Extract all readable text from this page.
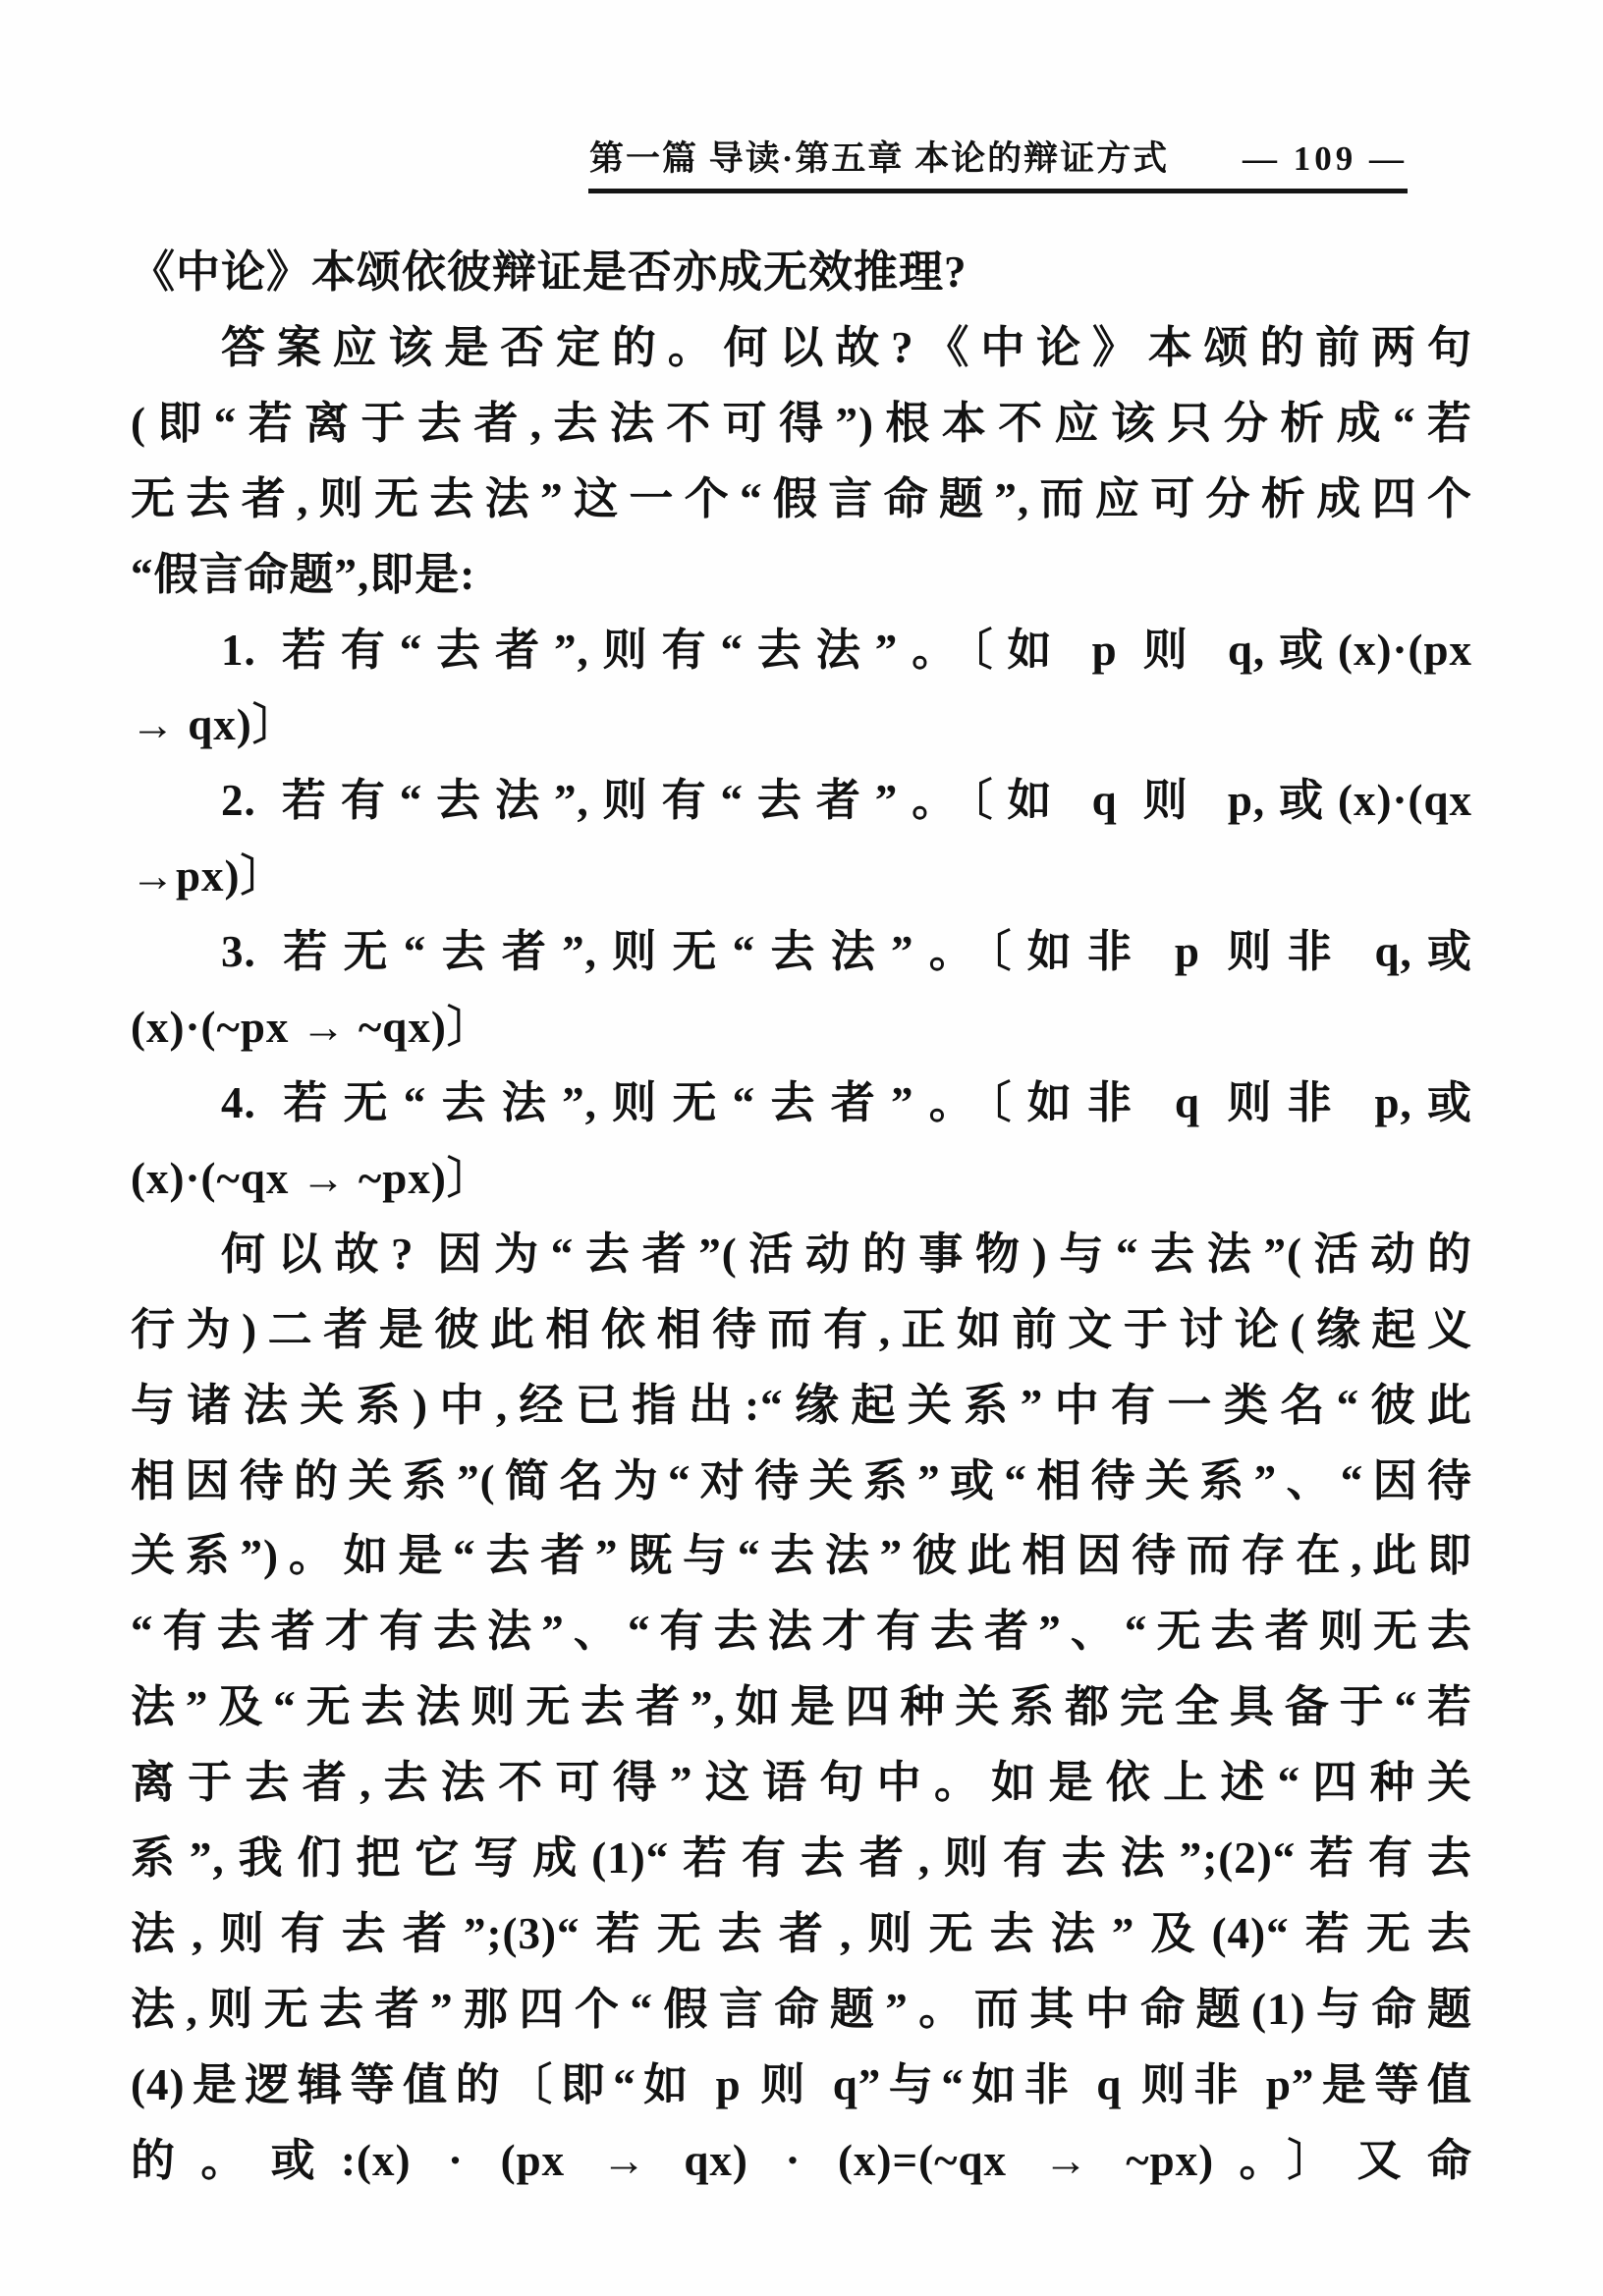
第一篇 导读·第五章 本论的辩证方式 — 109 —
《中论》本颂依彼辩证是否亦成无效推理?
答案应该是否定的。何以故?《中论》本颂的前两句
(即“若离于去者,去法不可得”)根本不应该只分析成“若
无去者,则无去法”这一个“假言命题”,而应可分析成四个
“假言命题”,即是:
1. 若有“去者”,则有“去法”。〔如 p 则 q,或(x)·(px
→ qx)〕
2. 若有“去法”,则有“去者”。〔如 q 则 p,或(x)·(qx
→px)〕
3. 若无“去者”,则无“去法”。〔如非 p 则非 q,或
(x)·(~px → ~qx)〕
4. 若无“去法”,则无“去者”。〔如非 q 则非 p,或
(x)·(~qx → ~px)〕
何以故? 因为“去者”(活动的事物)与“去法”(活动的
行为)二者是彼此相依相待而有,正如前文于讨论(缘起义
与诸法关系)中,经已指出:“缘起关系”中有一类名“彼此
相因待的关系”(简名为“对待关系”或“相待关系”、“因待
关系”)。如是“去者”既与“去法”彼此相因待而存在,此即
“有去者才有去法”、“有去法才有去者”、“无去者则无去
法”及“无去法则无去者”,如是四种关系都完全具备于“若
离于去者,去法不可得”这语句中。如是依上述“四种关
系”,我们把它写成(1)“若有去者,则有去法”;(2)“若有去
法,则有去者”;(3)“若无去者,则无去法”及(4)“若无去
法,则无去者”那四个“假言命题”。而其中命题(1)与命题
(4)是逻辑等值的〔即“如 p 则 q”与“如非 q 则非 p”是等值
的。或:(x) · (px → qx) · (x)=(~qx → ~px)。〕又命
